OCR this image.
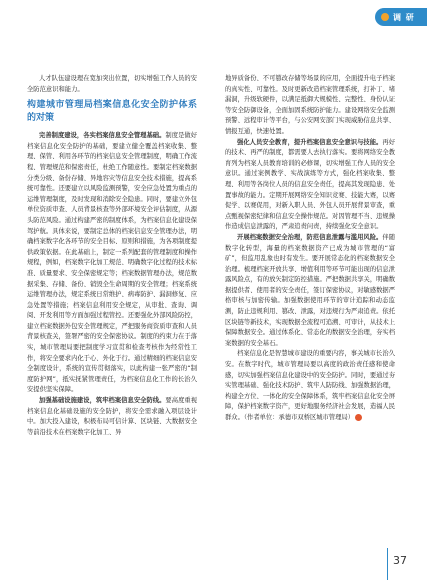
调 研

人才队伍建设理在宽加突出位置，切实增强工作人员的安全防范意识和能力。

构建城市管理局档案信息化安全防护体系的对策

完善制度建设，各实档案信息安全管理基础。制度是做好档案信息化安全防护的基础，要建立健全覆盖档案收集、整理、保管、利用各环节的档案信息安全管理制度，明确工作流程、管理规范和保密责任，杜绝工作随意性。要制定档案数据分类分级、备份存储、异地容灾等信息安全技术措施，提高系统可靠性。还要建立以风险监测预警，安全应急处置为重点的运维管理制度，及时发现和消除安全隐患。同时，要建立外包单位资质审查、人员背景核查等外部环境安全评估制度，从源头防范风险。通过构建严密的制度体系，为档案信息化建设保驾护航。具体来说，要制定总体的档案信息安全管理办法，明确档案数字化各环节的安全目标、原则和措施，为各项制度提供政策依据。在此基础上，制定一系列配套的管理制度和操作规程，例如，档案数字化加工规范、明确数字化过程的技术标准、质量要求、安全保密规定等；档案数据管理办法，规范数据采集、存储、备份、销毁全生命周期的安全管理；档案系统运维管理办法，规定系统日常维护、病毒防护、漏洞修复、应急处置等措施；档案信息利用安全规定，从审批、查询、调阅、开发利用等方面加强过程管控。还要强化外部风险防控，建立档案数据外包安全管理规定，严把服务商资质审查和人员背景核查关，签署严密的安全保密协议。制度的约束力在于落实，城市管理局要把制度学习宣贯和检查考核作为经常性工作，将安全要求内化于心、外化于行。通过精细的档案信息安全制度设计，系统的宣传贯彻落实，以此构建一张严密的“制度防护网”，抵实抚紧管理责任，为档案信息化工作的长治久安提供坚实保障。

加强基础设施建设，筑牢档案信息安全防线。要高度重视档案信息化基础设施的安全防护，将安全需求融入项层设计中。加大投入建设，积极布局可信计算、区块链、大数据安全等前沿技术在档案数字化加工、异

地异质备份、不可篡改存储等场景的应用，全面提升电子档案的真实性、可靠性。及时更新改造档案管理系统，打补丁、堵漏洞，升级软硬件，以满足抵御大规模性、完整性、身份认证等安全防御设备，全面加固系统防护能力。建设网络安全监测预警、远程审计等平台，与公安网安部门实现威胁信息共享、情报互通，快速处置。

强化人员安全教育，提升档案信息安全意识与技能。再好的技术、再严的制度，都需要人去执行落实。要将网络安全教育列为档案人员教育培训的必修课，切实增强工作人员的安全意识。通过案例教学、实战演练等方式，强化档案收集、整理、利用等各岗位人员的信息安全责任，提高其发现隐患、处置事故的能力。定期开展网络安全知识竞赛、技能大赛，以赛促学、以赛促用，对新入职人员、外包人员开展背景审查，重点甄视保密纪律和信息安全操作规范。对因管理不当、违规操作造成信息泄露的，严肃追责问责，持续强化安全意识。

开展档案数据安全治理，防范信息泄露与滥用风险。伴随数字化转型，海量的档案数据资产已成为城市管理的“富矿”，但监用乱象也时有发生。要开展常态化的档案数据安全治理。梳理档案开放共享、增值利用等环节可能出现的信息泄露风险点，有的放矢制定防控措施。严把数据共享关，明确数据提供者、使用者的安全责任，签订保密协议，对敏感数据严格审核与加密传输。加强数据使用环节的审计追踪和动态监测，防止违规利用、篡改、泄露，对违规行为严肃追责。依托区块链等新技术，实现数据全流程可追溯、可审计，从技术上保障数据安全。通过体系化、常态化的数据安全治理，夯实档案数据的安全基石。

档案信息化是智慧城市建设的重要内容，事关城市长治久安。在数字时代，城市管理局要以高度的政治责任感和使命感，切实加强档案信息化建设中的安全防护。同时，要通过夯实管理基础、强化技术防护、筑牢人防防线、加强数据治理，构建全方位、一体化的安全保障体系，筑牢档案信息化安全屏障，保护档案数字资产，更好地服务经济社会发展，造福人民群众。（作者单位：承德市双桥区城市管理局）

37
